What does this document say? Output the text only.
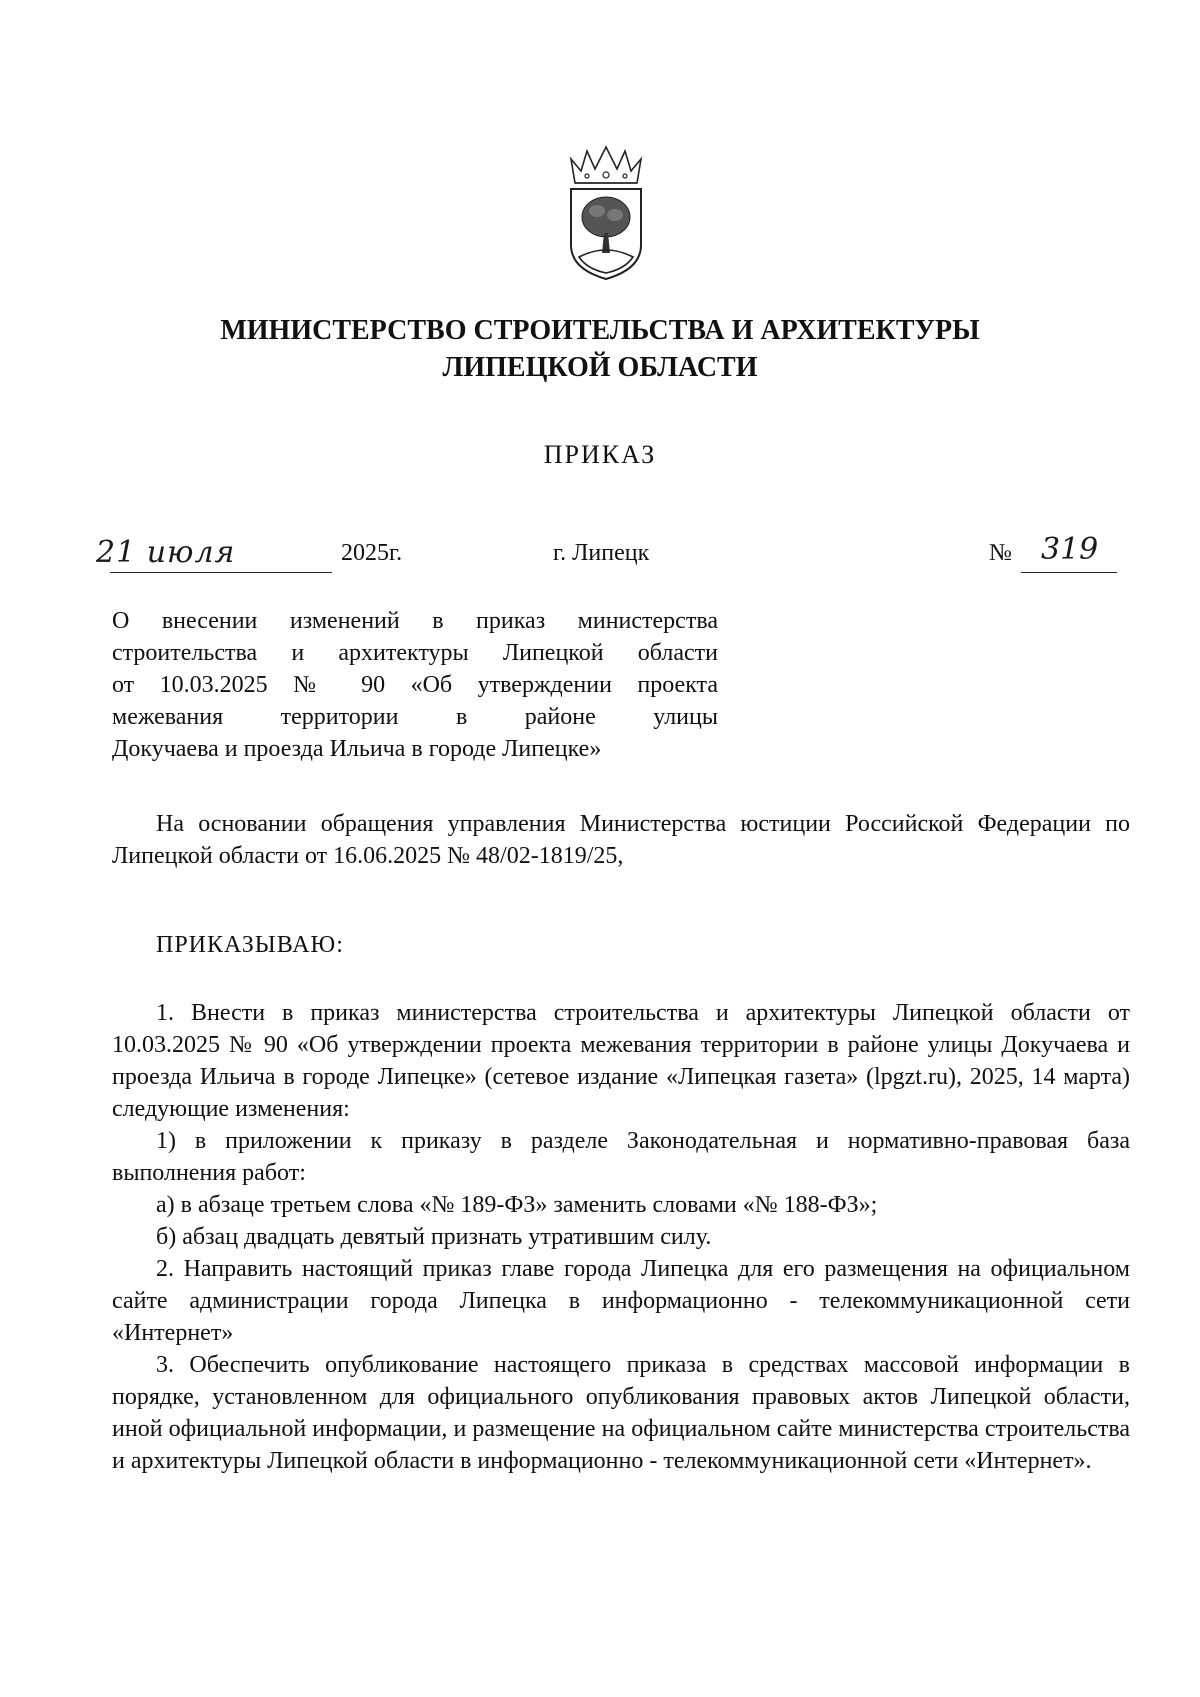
МИНИСТЕРСТВО СТРОИТЕЛЬСТВА И АРХИТЕКТУРЫ
ЛИПЕЦКОЙ ОБЛАСТИ
ПРИКАЗ
21 июля	2025г.	г. Липецк	№ 319
О внесении изменений в приказ министерства
строительства и архитектуры Липецкой области
от 10.03.2025 № 90 «Об утверждении проекта
межевания территории в районе улицы
Докучаева и проезда Ильича в городе Липецке»

На основании обращения управления Министерства юстиции Российской Федерации по Липецкой области от 16.06.2025 № 48/02-1819/25,

ПРИКАЗЫВАЮ:

1. Внести в приказ министерства строительства и архитектуры Липецкой области от 10.03.2025 № 90 «Об утверждении проекта межевания территории в районе улицы Докучаева и проезда Ильича в городе Липецке» (сетевое издание «Липецкая газета» (lpgzt.ru), 2025, 14 марта) следующие изменения:

1) в приложении к приказу в разделе Законодательная и нормативно-правовая база выполнения работ:

а) в абзаце третьем слова «№ 189-ФЗ» заменить словами «№ 188-ФЗ»;

б) абзац двадцать девятый признать утратившим силу.

2. Направить настоящий приказ главе города Липецка для его размещения на официальном сайте администрации города Липецка в информационно - телекоммуникационной сети «Интернет»

3. Обеспечить опубликование настоящего приказа в средствах массовой информации в порядке, установленном для официального опубликования правовых актов Липецкой области, иной официальной информации, и размещение на официальном сайте министерства строительства и архитектуры Липецкой области в информационно - телекоммуникационной сети «Интернет».
